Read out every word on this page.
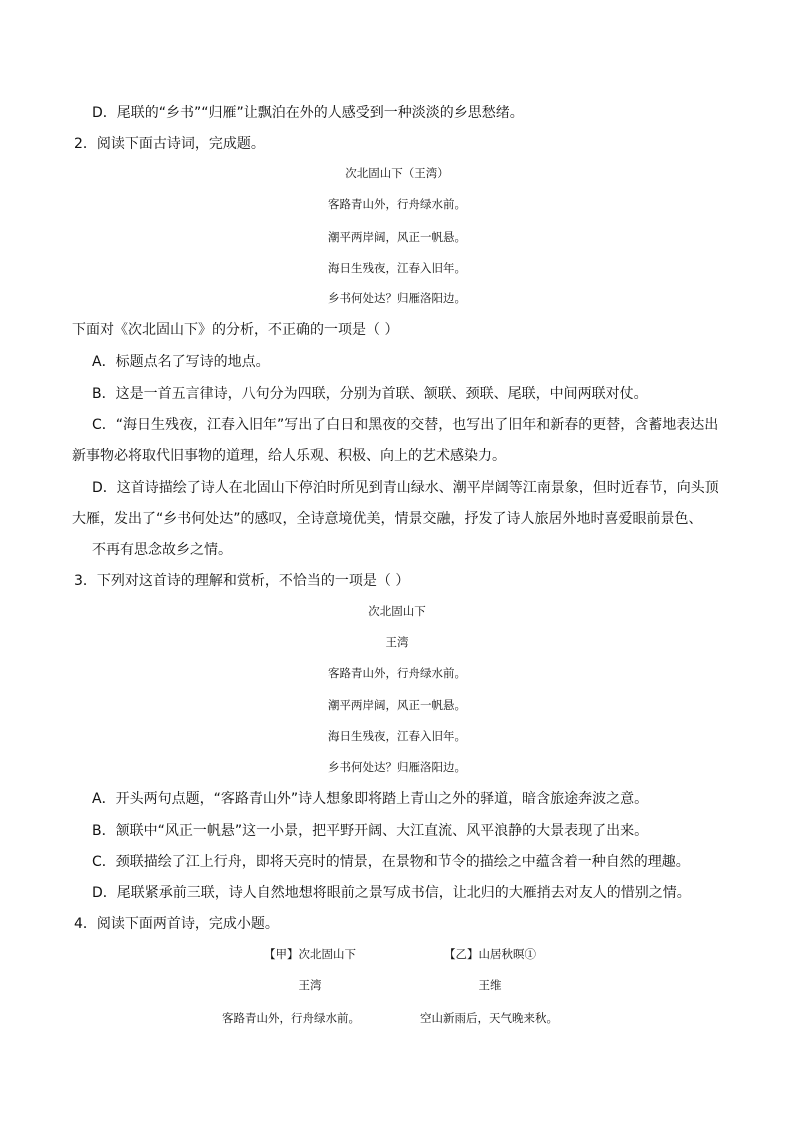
D．尾联的“乡书”“归雁”让飘泊在外的人感受到一种淡淡的乡思愁绪。
2．阅读下面古诗词，完成题。
次北固山下（王湾）
客路青山外，行舟绿水前。
潮平两岸阔，风正一帆悬。
海日生残夜，江春入旧年。
乡书何处达？归雁洛阳边。
下面对《次北固山下》的分析，不正确的一项是（ ）
A．标题点名了写诗的地点。
B．这是一首五言律诗，八句分为四联，分别为首联、颔联、颈联、尾联，中间两联对仗。
C．“海日生残夜，江春入旧年”写出了白日和黑夜的交替，也写出了旧年和新春的更替，含蓄地表达出
新事物必将取代旧事物的道理，给人乐观、积极、向上的艺术感染力。
D．这首诗描绘了诗人在北固山下停泊时所见到青山绿水、潮平岸阔等江南景象，但时近春节，向头顶
大雁，发出了“乡书何处达”的感叹，全诗意境优美，情景交融，抒发了诗人旅居外地时喜爱眼前景色、
不再有思念故乡之情。
3．下列对这首诗的理解和赏析，不恰当的一项是（ ）
次北固山下
王湾
客路青山外，行舟绿水前。
潮平两岸阔，风正一帆悬。
海日生残夜，江春入旧年。
乡书何处达？归雁洛阳边。
A．开头两句点题，“客路青山外”诗人想象即将踏上青山之外的驿道，暗含旅途奔波之意。
B．颔联中“风正一帆悬”这一小景，把平野开阔、大江直流、风平浪静的大景表现了出来。
C．颈联描绘了江上行舟，即将天亮时的情景，在景物和节令的描绘之中蕴含着一种自然的理趣。
D．尾联紧承前三联，诗人自然地想将眼前之景写成书信，让北归的大雁捎去对友人的惜别之情。
4．阅读下面两首诗，完成小题。
【甲】次北固山下
王湾
客路青山外，行舟绿水前。
【乙】山居秋暝①
王维
空山新雨后，天气晚来秋。
